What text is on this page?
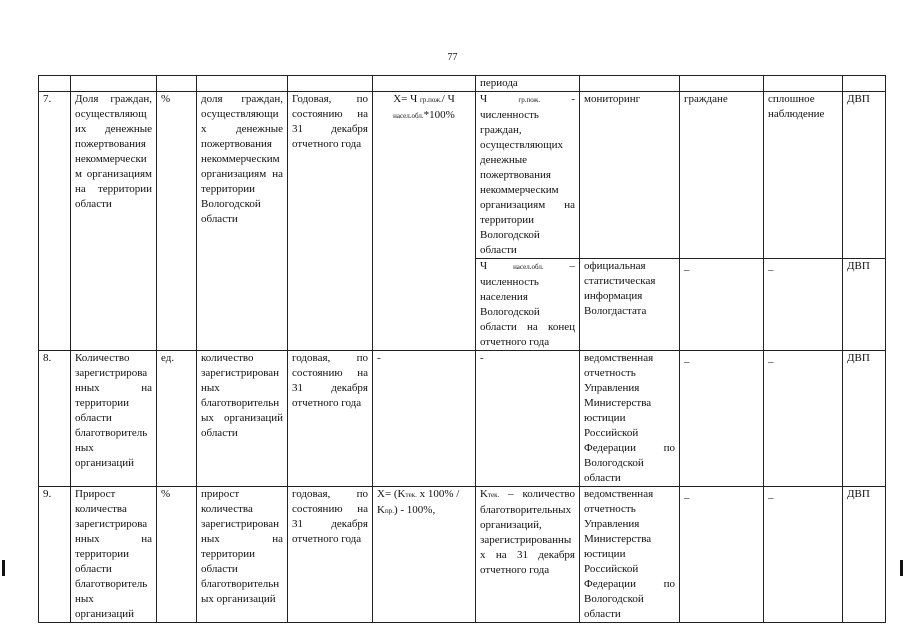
77
						периода				
7.	Доля граждан, осуществляющих денежные пожертвования некоммерческим организациям на территории области	%	доля граждан, осуществляющих денежные пожертвования некоммерческим организациям на территории Вологодской области	Годовая, по состоянию на 31 декабря отчетного года	X= Ч гр.пож./ Ч насел.обл.*100%	Ч гр.пож. - численность граждан, осуществляющих денежные пожертвования некоммерческим организациям на территории Вологодской области	мониторинг	граждане	сплошное наблюдение	ДВП
						Ч насел.обл. – численность населения Вологодской области на конец отчетного года	официальная статистическая информация Вологдастата	_	_	ДВП
8.	Количество зарегистрированных на территории области благотворительных организаций	ед.	количество зарегистрированных благотворительных организаций области	годовая, по состоянию на 31 декабря отчетного года	-	-	ведомственная отчетность Управления Министерства юстиции Российской Федерации по Вологодской области	_	_	ДВП
9.	Прирост количества зарегистрированных на территории области благотворительных организаций	%	прирост количества зарегистрированных на территории области благотворительных организаций	годовая, по состоянию на 31 декабря отчетного года	X= (Kтек. х 100% / Kпр.) - 100%,	Kтек. – количество благотворительных организаций, зарегистрированных на 31 декабря отчетного года	ведомственная отчетность Управления Министерства юстиции Российской Федерации по Вологодской области	_	_	ДВП
